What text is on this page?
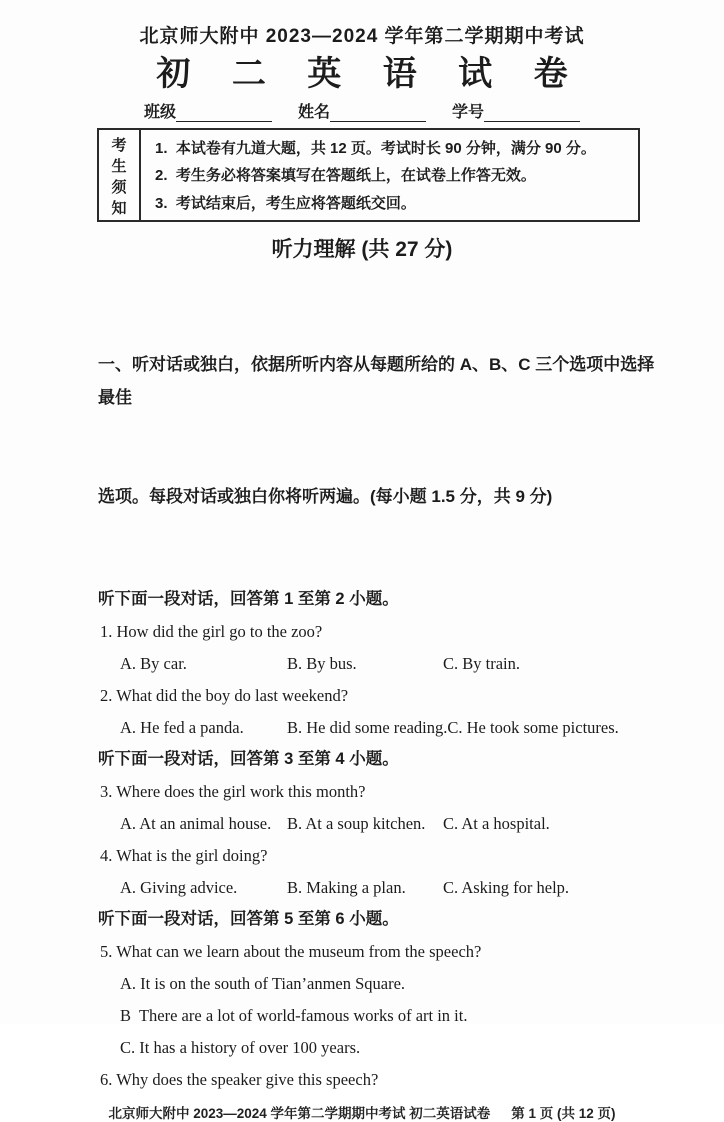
北京师大附中 2023—2024 学年第二学期期中考试
初 二 英 语 试 卷
班级	姓名	学号
考
生
须
知
1.  本试卷有九道大题，共 12 页。考试时长 90 分钟，满分 90 分。
2.  考生务必将答案填写在答题纸上，在试卷上作答无效。
3.  考试结束后，考生应将答题纸交回。
听力理解 (共 27 分)

一、听对话或独白，依据所听内容从每题所给的 A、B、C 三个选项中选择最佳

选项。每段对话或独白你将听两遍。(每小题 1.5 分，共 9 分)

听下面一段对话，回答第 1 至第 2 小题。
1. How did the girl go to the zoo?
A. By car.	B. By bus.	C. By train.
2. What did the boy do last weekend?
A. He fed a panda.	B. He did some reading. C. He took some pictures.
听下面一段对话，回答第 3 至第 4 小题。
3. Where does the girl work this month?
A. At an animal house. B. At a soup kitchen.	C. At a hospital.
4. What is the girl doing?
A. Giving advice.	B. Making a plan.	C. Asking for help.
听下面一段对话，回答第 5 至第 6 小题。
5. What can we learn about the museum from the speech?
A. It is on the south of Tian’anmen Square.
B  There are a lot of world-famous works of art in it.
C. It has a history of over 100 years.
6. Why does the speaker give this speech?
北京师大附中 2023—2024 学年第二学期期中考试 初二英语试卷　  第 1 页 (共 12 页)
